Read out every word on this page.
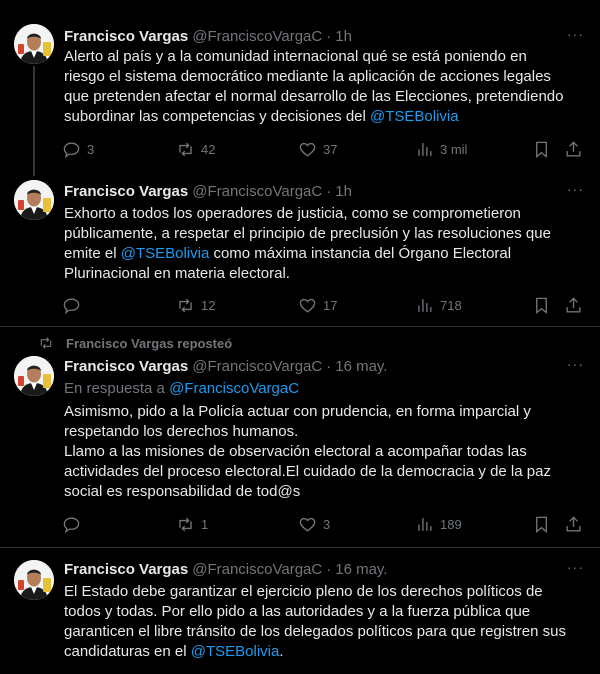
Francisco Vargas @FranciscoVargaC · 1h	···
Alerto al país y a la comunidad internacional qué se está poniendo en
riesgo el sistema democrático mediante la aplicación de acciones legales
que pretenden afectar el normal desarrollo de las Elecciones, pretendiendo
subordinar las competencias y decisiones del @TSEBolivia
3	42	37	3 mil
Francisco Vargas @FranciscoVargaC · 1h	···
Exhorto a todos los operadores de justicia, como se comprometieron
públicamente, a respetar el principio de preclusión y las resoluciones que
emite el @TSEBolivia como máxima instancia del Órgano Electoral
Plurinacional en materia electoral.
12	17	718
Francisco Vargas reposteó
Francisco Vargas @FranciscoVargaC · 16 may.	···
En respuesta a @FranciscoVargaC
Asimismo, pido a la Policía actuar con prudencia, en forma imparcial y
respetando los derechos humanos.
Llamo a las misiones de observación electoral a acompañar todas las
actividades del proceso electoral.El cuidado de la democracia y de la paz
social es responsabilidad de tod@s
1	3	189
Francisco Vargas @FranciscoVargaC · 16 may.	···
El Estado debe garantizar el ejercicio pleno de los derechos políticos de
todos y todas. Por ello pido a las autoridades y a la fuerza pública que
garanticen el libre tránsito de los delegados políticos para que registren sus
candidaturas en el @TSEBolivia.
